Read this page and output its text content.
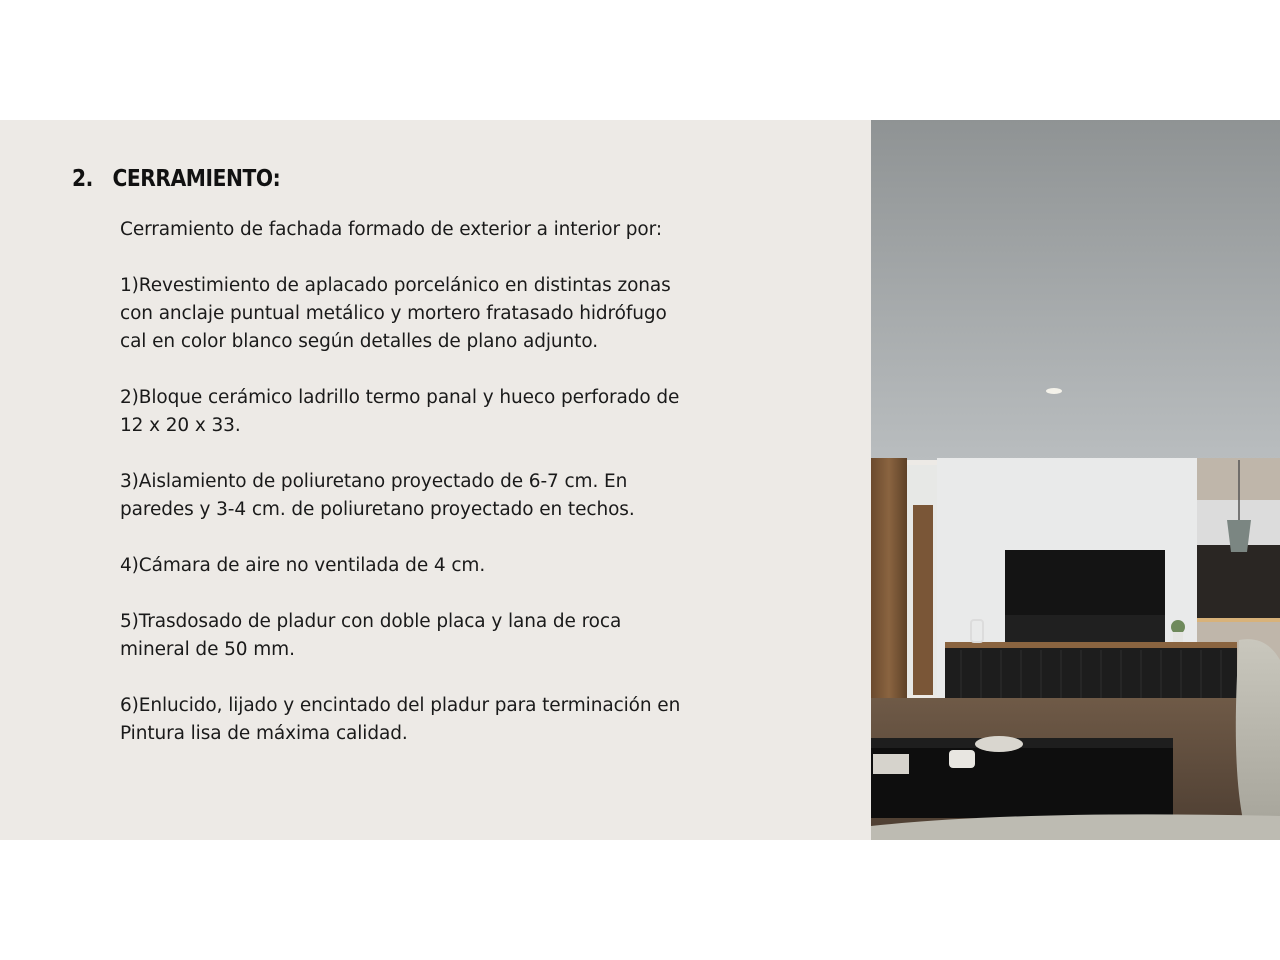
2. CERRAMIENTO:

Cerramiento de fachada formado de exterior a interior por:

1)Revestimiento de aplacado porcelánico en distintas zonas
con anclaje puntual metálico y mortero fratasado hidrófugo
cal en color blanco según detalles de plano adjunto.

2)Bloque cerámico ladrillo termo panal y hueco perforado de
12 x 20 x 33.

3)Aislamiento de poliuretano proyectado de 6-7 cm. En
paredes y 3-4 cm. de poliuretano proyectado en techos.

4)Cámara de aire no ventilada de 4 cm.

5)Trasdosado de pladur con doble placa y lana de roca
mineral de 50 mm.

6)Enlucido, lijado y encintado del pladur para terminación en
Pintura lisa de máxima calidad.
